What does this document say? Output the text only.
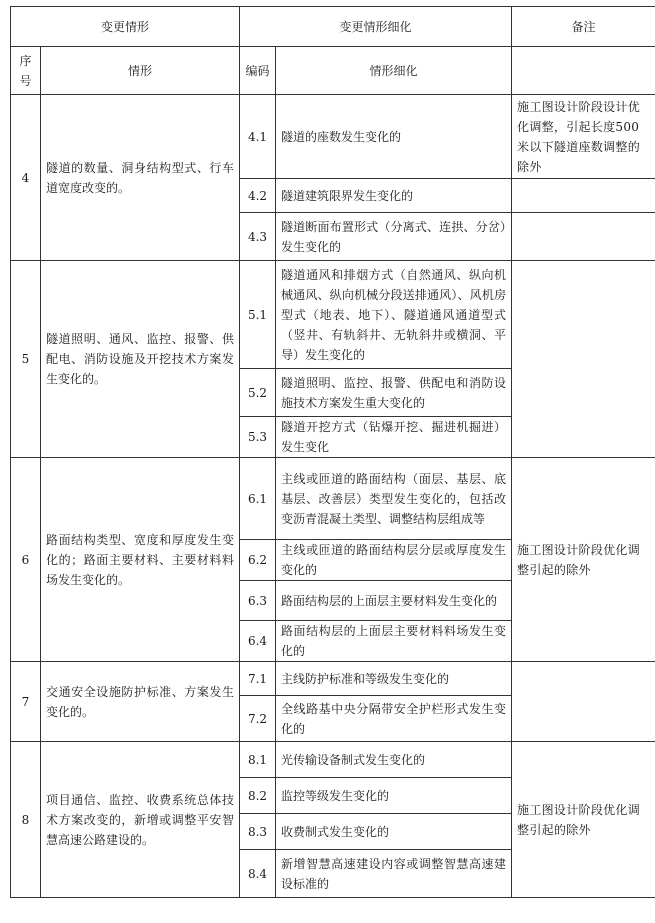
变更情形		变更情形细化		备注
序号	情形	编码	情形细化	
4	隧道的数量、洞身结构型式、行车道宽度改变的。	4.1	隧道的座数发生变化的	施工图设计阶段设计优化调整，引起长度500米以下隧道座数调整的除外
		4.2	隧道建筑限界发生变化的	
		4.3	隧道断面布置形式（分离式、连拱、分岔）发生变化的	
5	隧道照明、通风、监控、报警、供配电、消防设施及开挖技术方案发生变化的。	5.1	隧道通风和排烟方式（自然通风、纵向机械通风、纵向机械分段送排通风）、风机房型式（地表、地下）、隧道通风通道型式（竖井、有轨斜井、无轨斜井或横洞、平导）发生变化的	
		5.2	隧道照明、监控、报警、供配电和消防设施技术方案发生重大变化的	
		5.3	隧道开挖方式（钻爆开挖、掘进机掘进）发生变化	
6	路面结构类型、宽度和厚度发生变化的；路面主要材料、主要材料料场发生变化的。	6.1	主线或匝道的路面结构（面层、基层、底基层、改善层）类型发生变化的，包括改变沥青混凝土类型、调整结构层组成等	施工图设计阶段优化调整引起的除外
		6.2	主线或匝道的路面结构层分层或厚度发生变化的	
		6.3	路面结构层的上面层主要材料发生变化的	
		6.4	路面结构层的上面层主要材料料场发生变化的	
7	交通安全设施防护标准、方案发生变化的。	7.1	主线防护标准和等级发生变化的	
		7.2	全线路基中央分隔带安全护栏形式发生变化的	
8	项目通信、监控、收费系统总体技术方案改变的，新增或调整平安智慧高速公路建设的。	8.1	光传输设备制式发生变化的	施工图设计阶段优化调整引起的除外
		8.2	监控等级发生变化的	
		8.3	收费制式发生变化的	
		8.4	新增智慧高速建设内容或调整智慧高速建设标准的	
